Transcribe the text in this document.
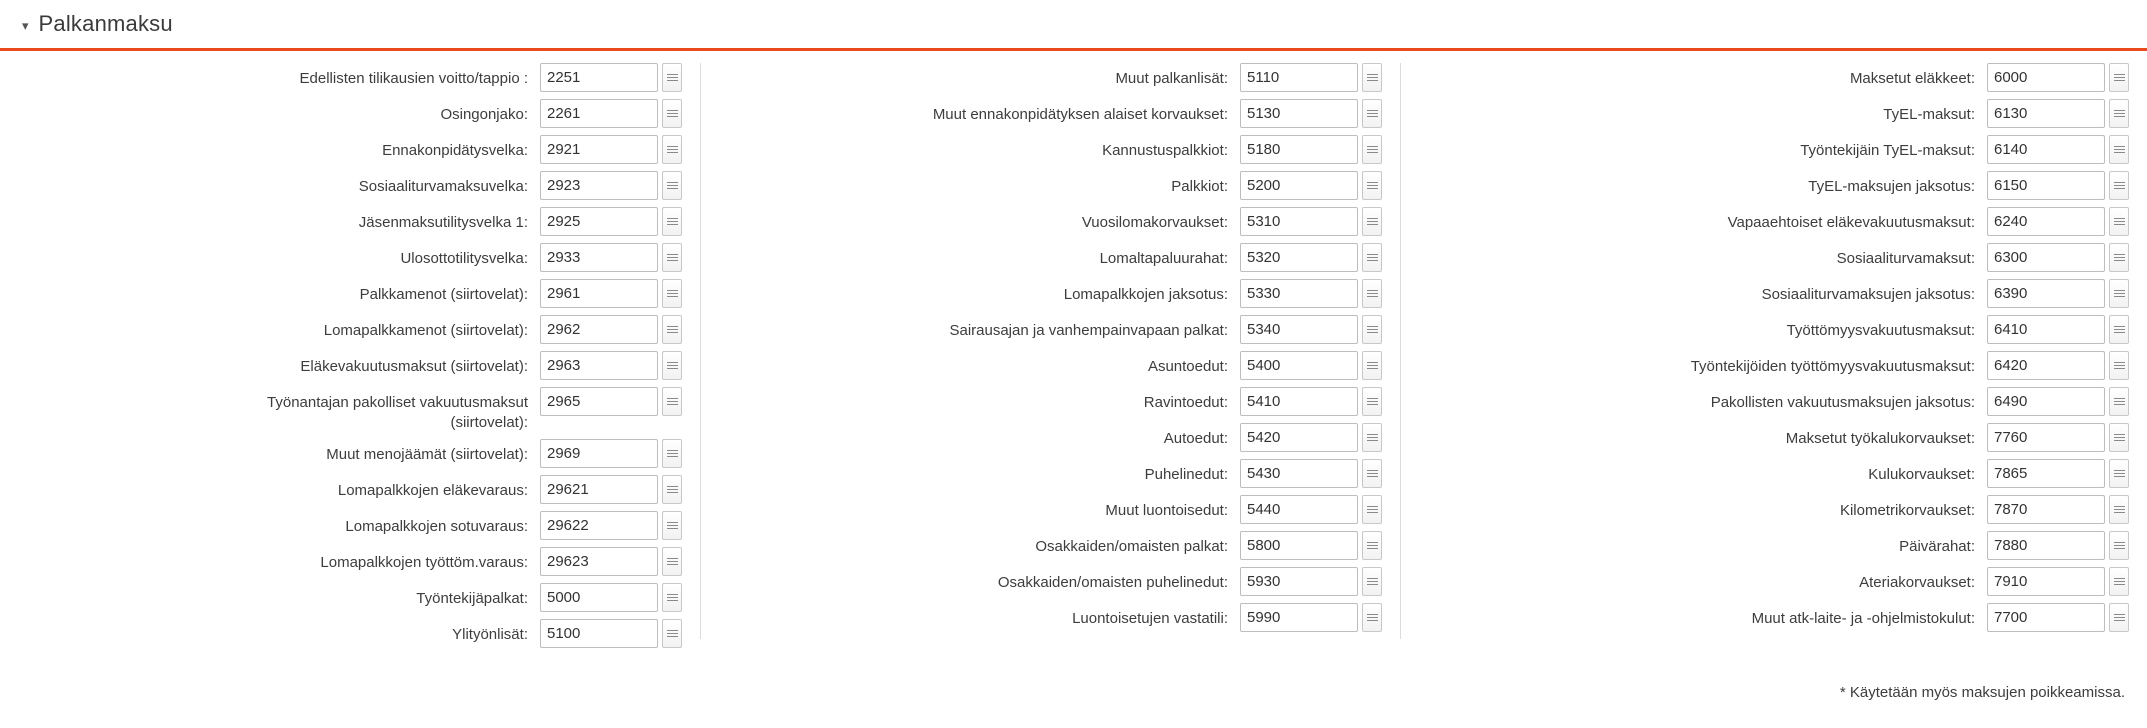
▾ Palkanmaksu
Edellisten tilikausien voitto/tappio :
2251
Osingonjako:
2261
Ennakonpidätysvelka:
2921
Sosiaaliturvamaksuvelka:
2923
Jäsenmaksutilitysvelka 1:
2925
Ulosottotilitysvelka:
2933
Palkkamenot (siirtovelat):
2961
Lomapalkkamenot (siirtovelat):
2962
Eläkevakuutusmaksut (siirtovelat):
2963
Työnantajan pakolliset vakuutusmaksut (siirtovelat):
2965
Muut menojäämät (siirtovelat):
2969
Lomapalkkojen eläkevaraus:
29621
Lomapalkkojen sotuvaraus:
29622
Lomapalkkojen työttöm.varaus:
29623
Työntekijäpalkat:
5000
Ylityönlisät:
5100
Muut palkanlisät:
5110
Muut ennakonpidätyksen alaiset korvaukset:
5130
Kannustuspalkkiot:
5180
Palkkiot:
5200
Vuosilomakorvaukset:
5310
Lomaltapaluurahat:
5320
Lomapalkkojen jaksotus:
5330
Sairausajan ja vanhempainvapaan palkat:
5340
Asuntoedut:
5400
Ravintoedut:
5410
Autoedut:
5420
Puhelinedut:
5430
Muut luontoisedut:
5440
Osakkaiden/omaisten palkat:
5800
Osakkaiden/omaisten puhelinedut:
5930
Luontoisetujen vastatili:
5990
Maksetut eläkkeet:
6000
TyEL-maksut:
6130
Työntekijäin TyEL-maksut:
6140
TyEL-maksujen jaksotus:
6150
Vapaaehtoiset eläkevakuutusmaksut:
6240
Sosiaaliturvamaksut:
6300
Sosiaaliturvamaksujen jaksotus:
6390
Työttömyysvakuutusmaksut:
6410
Työntekijöiden työttömyysvakuutusmaksut:
6420
Pakollisten vakuutusmaksujen jaksotus:
6490
Maksetut työkalukorvaukset:
7760
Kulukorvaukset:
7865
Kilometrikorvaukset:
7870
Päivärahat:
7880
Ateriakorvaukset:
7910
Muut atk-laite- ja -ohjelmistokulut:
7700
* Käytetään myös maksujen poikkeamissa.
